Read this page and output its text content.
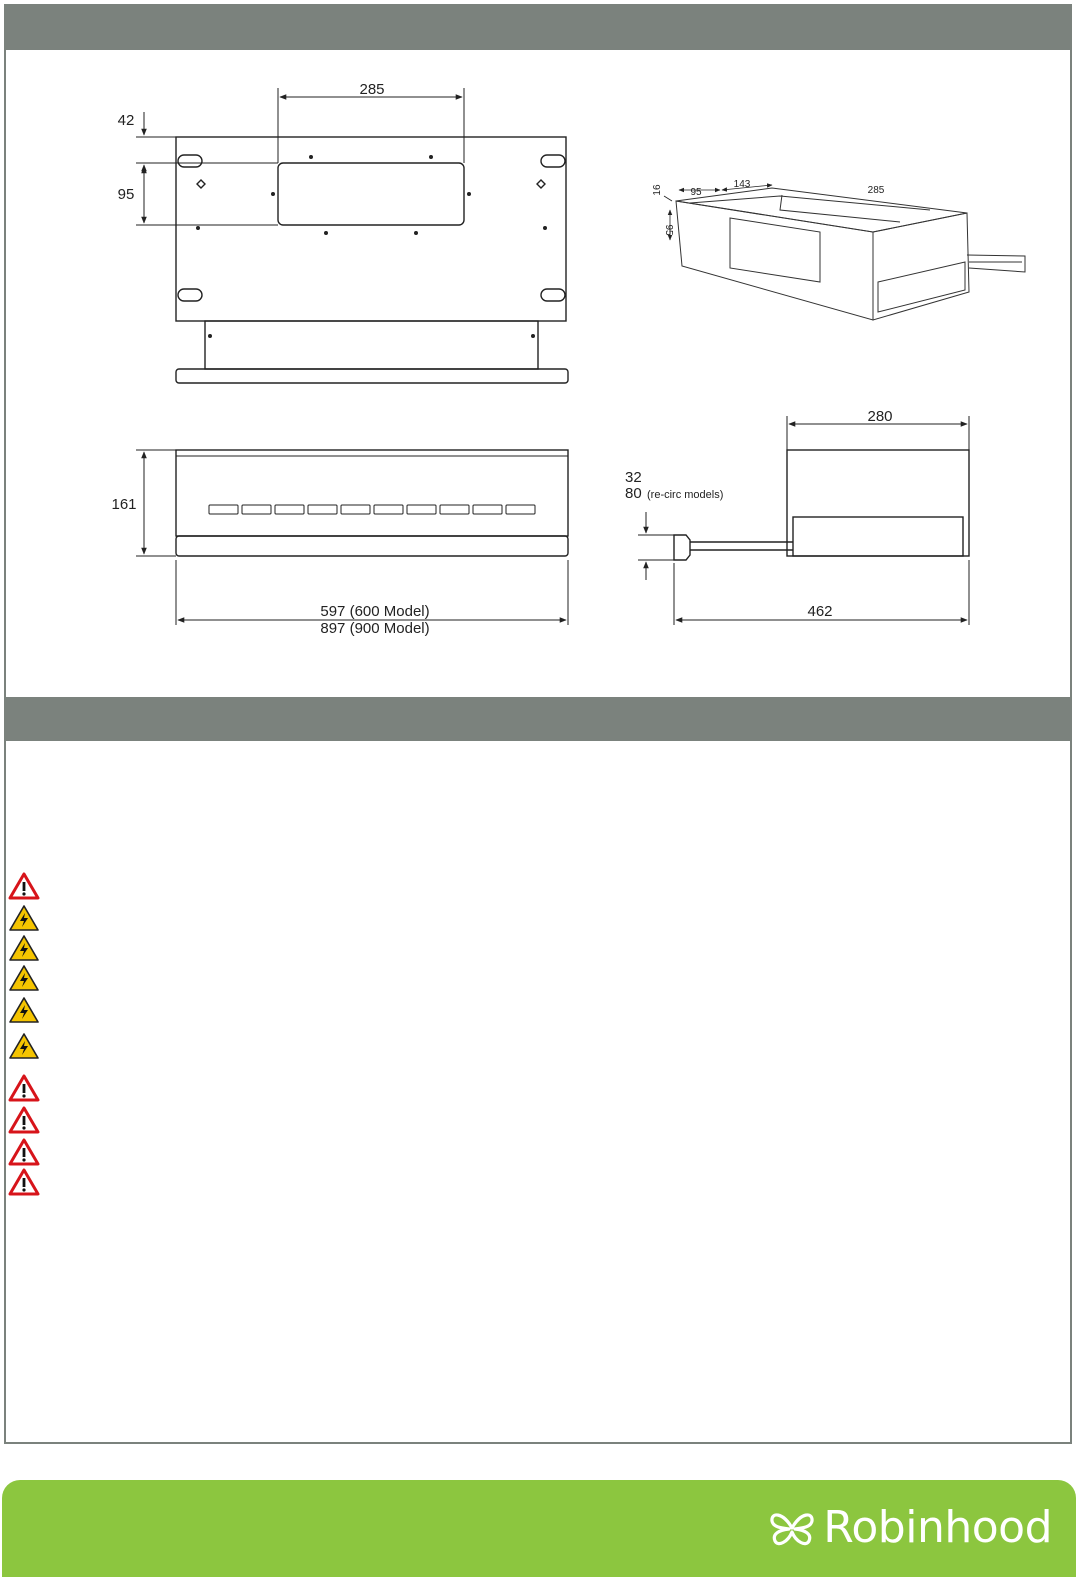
285
42
95	16	95
143
285
95
161
597 (600 Model)
897 (900 Model)
280
32
80 (re-circ models)
462
Robinhood
